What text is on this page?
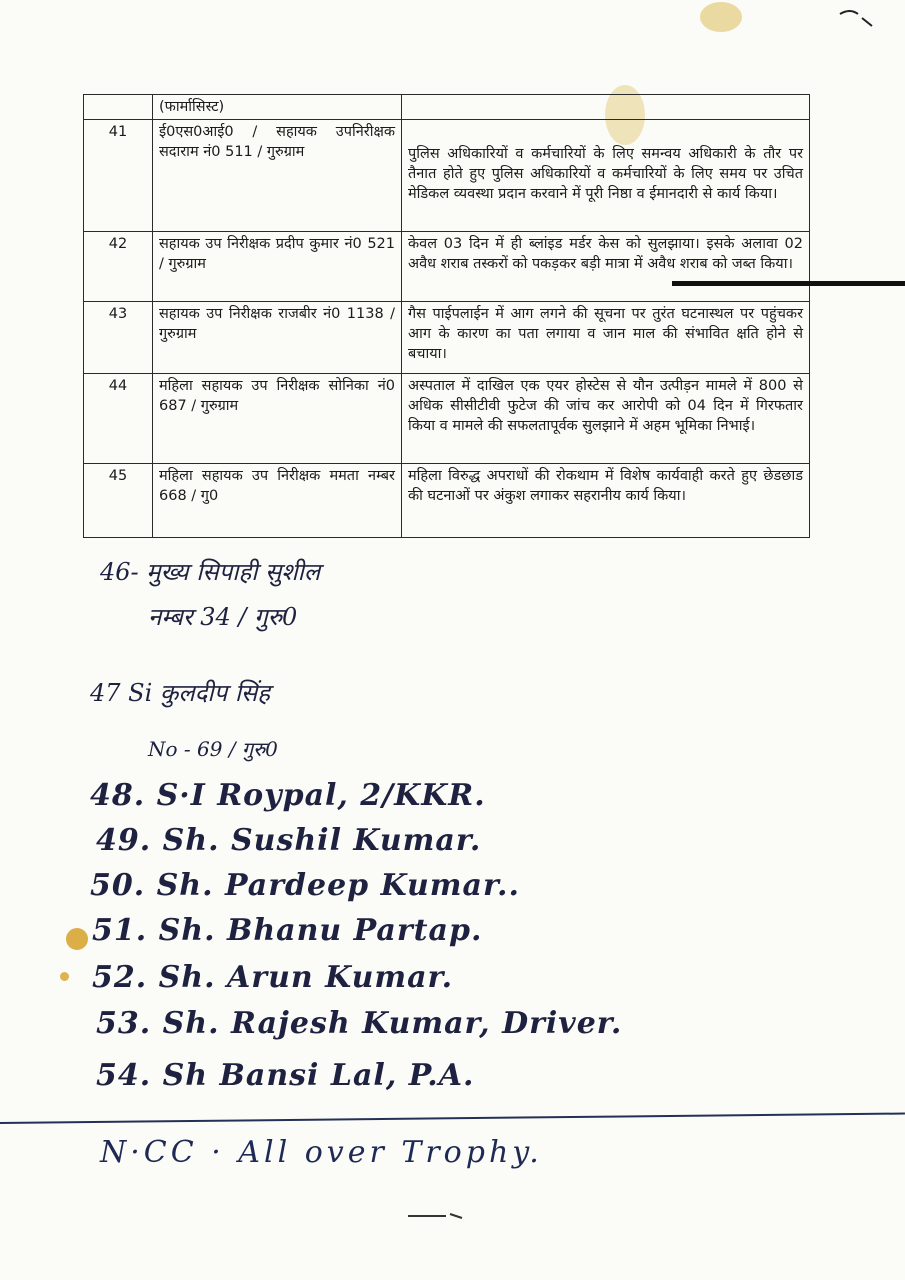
	(फार्मासिस्ट)	
41	ई0एस0आई0 / सहायक उपनिरीक्षक सदाराम नं0 511 / गुरुग्राम	पुलिस अधिकारियों व कर्मचारियों के लिए समन्वय अधिकारी के तौर पर तैनात होते हुए पुलिस अधिकारियों व कर्मचारियों के लिए समय पर उचित मेडिकल व्यवस्था प्रदान करवाने में पूरी निष्ठा व ईमानदारी से कार्य किया।
42	सहायक उप निरीक्षक प्रदीप कुमार नं0 521 / गुरुग्राम	केवल 03 दिन में ही ब्लांइड मर्डर केस को सुलझाया। इसके अलावा 02 अवैध शराब तस्करों को पकड़कर बड़ी मात्रा में अवैध शराब को जब्त किया।
43	सहायक उप निरीक्षक राजबीर नं0 1138 / गुरुग्राम	गैस पाईपलाईन में आग लगने की सूचना पर तुरंत घटनास्थल पर पहुंचकर आग के कारण का पता लगाया व जान माल की संभावित क्षति होने से बचाया।
44	महिला सहायक उप निरीक्षक सोनिका नं0 687 / गुरुग्राम	अस्पताल में दाखिल एक एयर होस्टेस से यौन उत्पीड़न मामले में 800 से अधिक सीसीटीवी फुटेज की जांच कर आरोपी को 04 दिन में गिरफतार किया व मामले की सफलतापूर्वक सुलझाने में अहम भूमिका निभाई।
45	महिला सहायक उप निरीक्षक ममता नम्बर 668 / गु0	महिला विरुद्ध अपराधों की रोकथाम में विशेष कार्यवाही करते हुए छेडछाड की घटनाओं पर अंकुश लगाकर सहरानीय कार्य किया।
46- मुख्य सिपाही सुशील
नम्बर 34 / गुरु0
47 Si कुलदीप सिंह
No - 69 / गुरु0
48. S·I Roypal, 2/KKR.
49. Sh. Sushil Kumar.
50. Sh. Pardeep Kumar..
51. Sh. Bhanu Partap.
52. Sh. Arun Kumar.
53. Sh. Rajesh Kumar, Driver.
54. Sh Bansi Lal, P.A.
N·CC · All over Trophy.
